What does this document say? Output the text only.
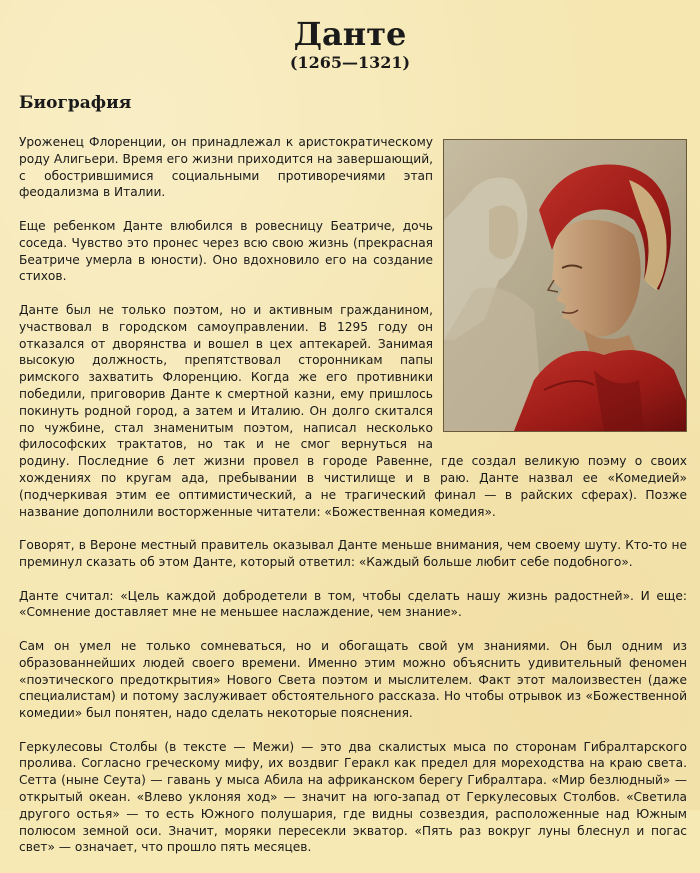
Данте
(1265—1321)
Биография

Уроженец Флоренции, он принадлежал к аристократическому роду Алигьери. Время его жизни приходится на завершающий, с обострившимися социальными противоречиями этап феодализма в Италии.

Еще ребенком Данте влюбился в ровесницу Беатриче, дочь соседа. Чувство это пронес через всю свою жизнь (прекрасная Беатриче умерла в юности). Оно вдохновило его на создание стихов.

Данте был не только поэтом, но и активным гражданином, участвовал в городском самоуправлении. В 1295 году он отказался от дворянства и вошел в цех аптекарей. Занимая высокую должность, препятствовал сторонникам папы римского захватить Флоренцию. Когда же его противники победили, приговорив Данте к смертной казни, ему пришлось покинуть родной город, а затем и Италию. Он долго скитался по чужбине, стал знаменитым поэтом, написал несколько философских трактатов, но так и не смог вернуться на родину. Последние 6 лет жизни провел в городе Равенне, где создал великую поэму о своих хождениях по кругам ада, пребывании в чистилище и в раю. Данте назвал ее «Комедией» (подчеркивая этим ее оптимистический, а не трагический финал — в райских сферах). Позже название дополнили восторженные читатели: «Божественная комедия».

Говорят, в Вероне местный правитель оказывал Данте меньше внимания, чем своему шуту. Кто-то не преминул сказать об этом Данте, который ответил: «Каждый больше любит себе подобного».

Данте считал: «Цель каждой добродетели в том, чтобы сделать нашу жизнь радостней». И еще: «Сомнение доставляет мне не меньшее наслаждение, чем знание».

Сам он умел не только сомневаться, но и обогащать свой ум знаниями. Он был одним из образованнейших людей своего времени. Именно этим можно объяснить удивительный феномен «поэтического предоткрытия» Нового Света поэтом и мыслителем. Факт этот малоизвестен (даже специалистам) и потому заслуживает обстоятельного рассказа. Но чтобы отрывок из «Божественной комедии» был понятен, надо сделать некоторые пояснения.

Геркулесовы Столбы (в тексте — Межи) — это два скалистых мыса по сторонам Гибралтарского пролива. Согласно греческому мифу, их воздвиг Геракл как предел для мореходства на краю света. Сетта (ныне Сеута) — гавань у мыса Абила на африканском берегу Гибралтара. «Мир безлюдный» — открытый океан. «Влево уклоняя ход» — значит на юго-запад от Геркулесовых Столбов. «Светила другого остья» — то есть Южного полушария, где видны созвездия, расположенные над Южным полюсом земной оси. Значит, моряки пересекли экватор. «Пять раз вокруг луны блеснул и погас свет» — означает, что прошло пять месяцев.
